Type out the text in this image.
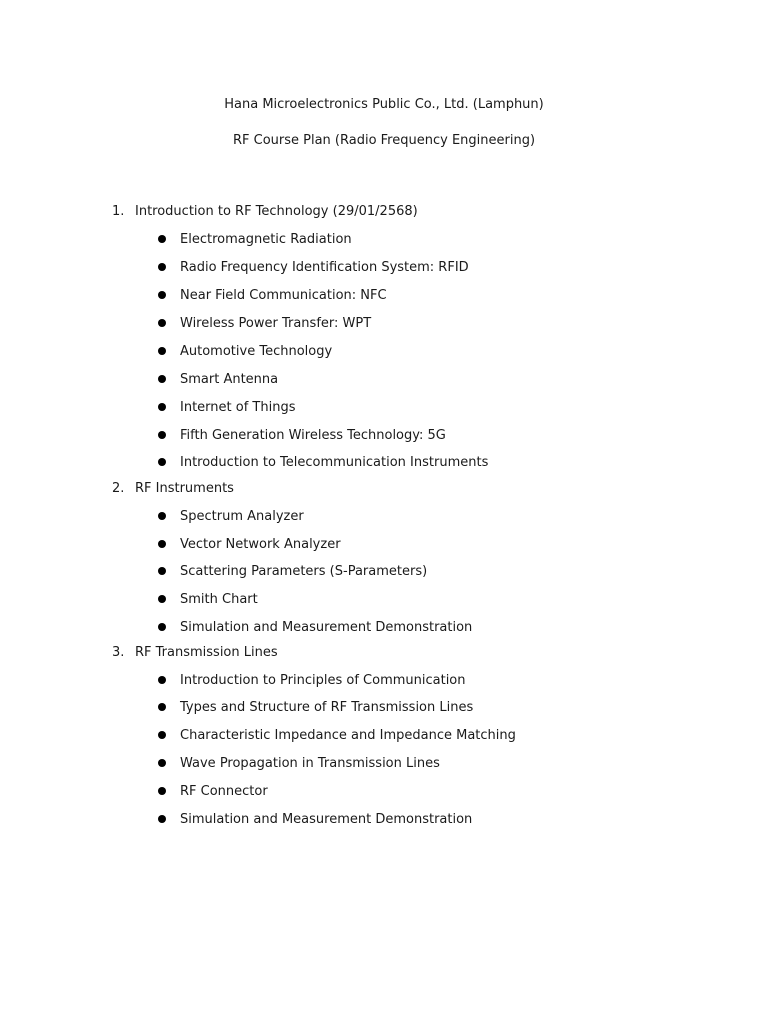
Hana Microelectronics Public Co., Ltd. (Lamphun)
RF Course Plan (Radio Frequency Engineering)
1. Introduction to RF Technology (29/01/2568)
Electromagnetic Radiation
Radio Frequency Identification System: RFID
Near Field Communication: NFC
Wireless Power Transfer: WPT
Automotive Technology
Smart Antenna
Internet of Things
Fifth Generation Wireless Technology: 5G
Introduction to Telecommunication Instruments
2. RF Instruments
Spectrum Analyzer
Vector Network Analyzer
Scattering Parameters (S-Parameters)
Smith Chart
Simulation and Measurement Demonstration
3. RF Transmission Lines
Introduction to Principles of Communication
Types and Structure of RF Transmission Lines
Characteristic Impedance and Impedance Matching
Wave Propagation in Transmission Lines
RF Connector
Simulation and Measurement Demonstration
